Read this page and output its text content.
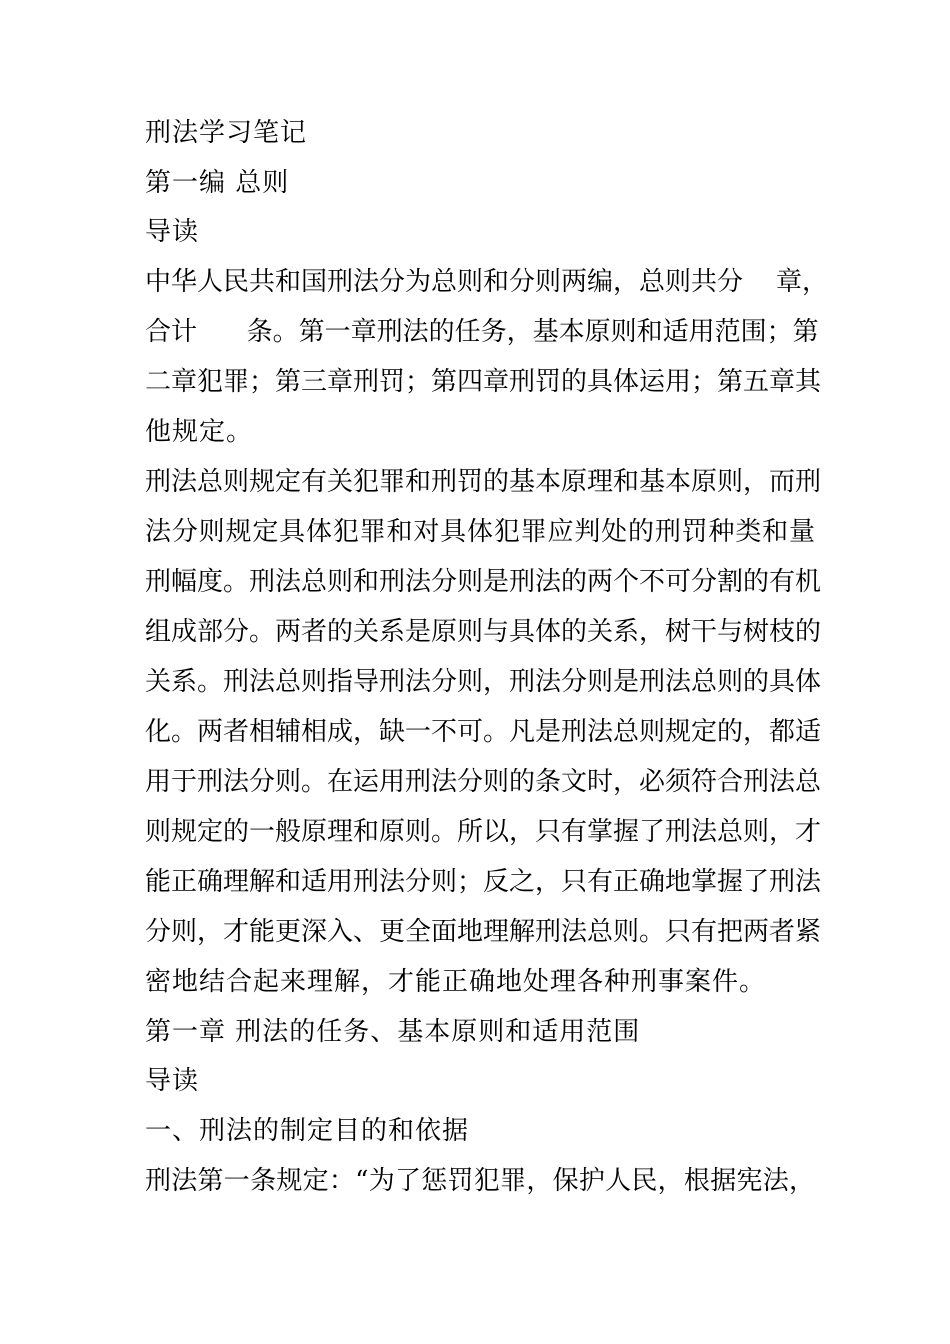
刑法学习笔记
第一编 总则
导读
中华人民共和国刑法分为总则和分则两编，总则共分    章，
合计      条。第一章刑法的任务，基本原则和适用范围；第
二章犯罪；第三章刑罚；第四章刑罚的具体运用；第五章其
他规定。
刑法总则规定有关犯罪和刑罚的基本原理和基本原则，而刑
法分则规定具体犯罪和对具体犯罪应判处的刑罚种类和量
刑幅度。刑法总则和刑法分则是刑法的两个不可分割的有机
组成部分。两者的关系是原则与具体的关系，树干与树枝的
关系。刑法总则指导刑法分则，刑法分则是刑法总则的具体
化。两者相辅相成，缺一不可。凡是刑法总则规定的，都适
用于刑法分则。在运用刑法分则的条文时，必须符合刑法总
则规定的一般原理和原则。所以，只有掌握了刑法总则，才
能正确理解和适用刑法分则；反之，只有正确地掌握了刑法
分则，才能更深入、更全面地理解刑法总则。只有把两者紧
密地结合起来理解，才能正确地处理各种刑事案件。
第一章 刑法的任务、基本原则和适用范围
导读
一、刑法的制定目的和依据
刑法第一条规定：“为了惩罚犯罪，保护人民，根据宪法，
